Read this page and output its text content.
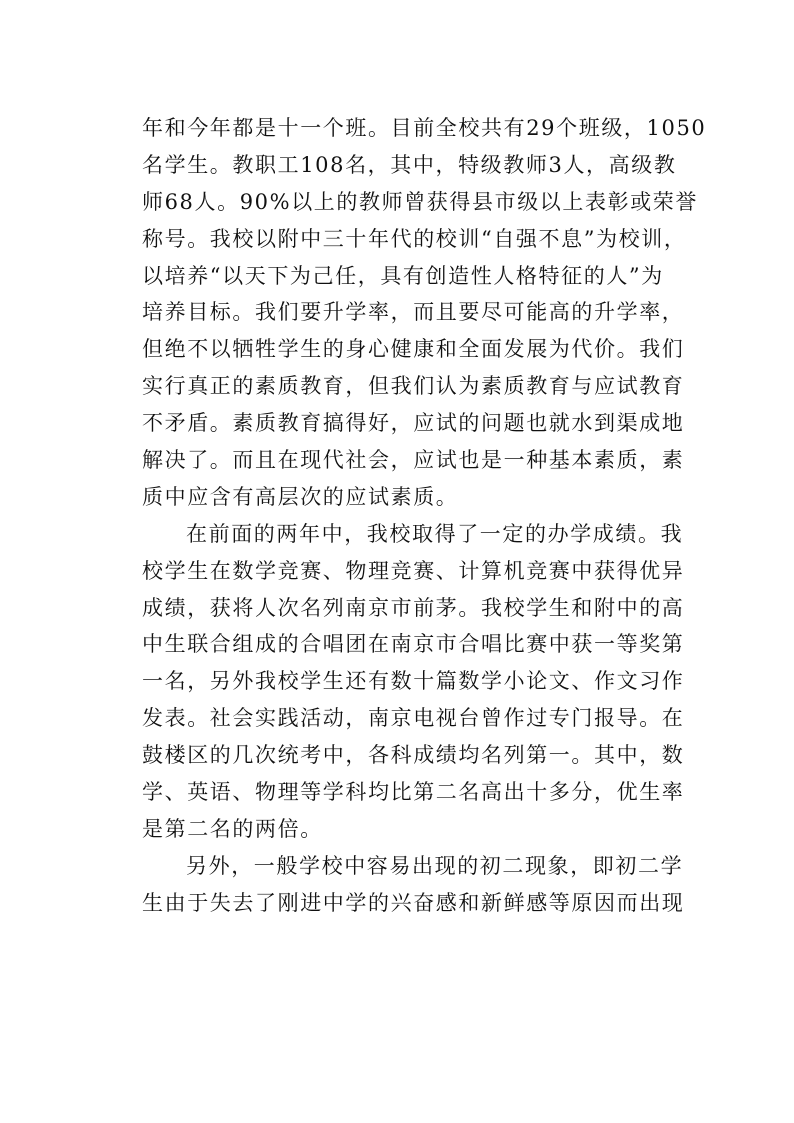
年和今年都是十一个班。目前全校共有29个班级，1050
名学生。教职工108名，其中，特级教师3人，高级教
师68人。90%以上的教师曾获得县市级以上表彰或荣誉
称号。我校以附中三十年代的校训“自强不息”为校训，
以培养“以天下为己任，具有创造性人格特征的人”为
培养目标。我们要升学率，而且要尽可能高的升学率，
但绝不以牺牲学生的身心健康和全面发展为代价。我们
实行真正的素质教育，但我们认为素质教育与应试教育
不矛盾。素质教育搞得好，应试的问题也就水到渠成地
解决了。而且在现代社会，应试也是一种基本素质，素
质中应含有高层次的应试素质。
在前面的两年中，我校取得了一定的办学成绩。我
校学生在数学竞赛、物理竞赛、计算机竞赛中获得优异
成绩，获将人次名列南京市前茅。我校学生和附中的高
中生联合组成的合唱团在南京市合唱比赛中获一等奖第
一名，另外我校学生还有数十篇数学小论文、作文习作
发表。社会实践活动，南京电视台曾作过专门报导。在
鼓楼区的几次统考中，各科成绩均名列第一。其中，数
学、英语、物理等学科均比第二名高出十多分，优生率
是第二名的两倍。
另外，一般学校中容易出现的初二现象，即初二学
生由于失去了刚进中学的兴奋感和新鲜感等原因而出现
